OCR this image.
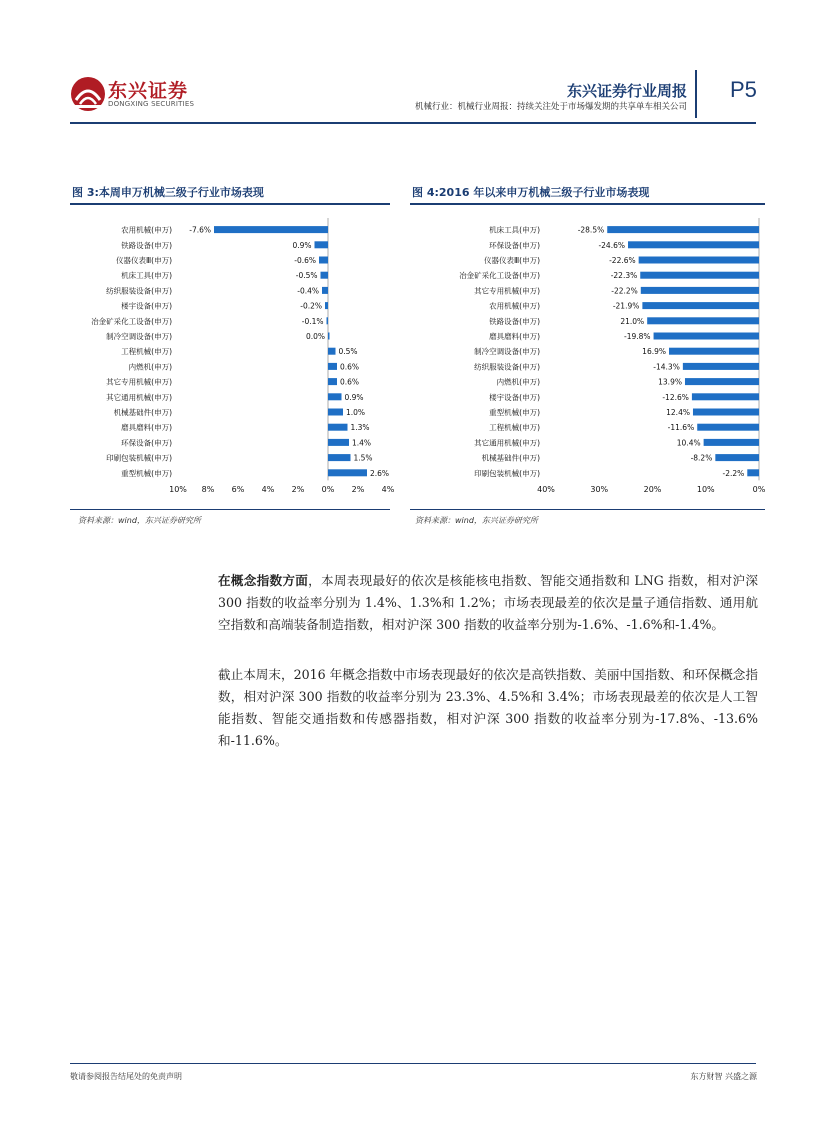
东兴证券
DONGXING SECURITIES
东兴证券行业周报
机械行业：机械行业周报：持续关注处于市场爆发期的共享单车相关公司
P5
图 3:本周申万机械三级子行业市场表现
农用机械(申万) -7.6%
铁路设备(申万)	0.9%
仪器仪表Ⅲ(申万)	-0.6%
机床工具(申万)	-0.5%
纺织服装设备(申万)	-0.4%
楼宇设备(申万)	-0.2%
冶金矿采化工设备(申万)	-0.1%
制冷空调设备(申万)	0.0%
工程机械(申万)	0.5%
内燃机(申万)	0.6%
其它专用机械(申万)	0.6%
其它通用机械(申万)	0.9%
机械基础件(申万)	1.0%
磨具磨料(申万)	1.3%
环保设备(申万)	1.4%
印刷包装机械(申万)	1.5%
重型机械(申万)	2.6%
10% 8% 6% 4% 2% 0% 2% 4%
资料来源：wind，东兴证券研究所
图 4:2016 年以来申万机械三级子行业市场表现
机床工具(申万)	-28.5%
环保设备(申万)	-24.6%
仪器仪表Ⅲ(申万)	-22.6%
冶金矿采化工设备(申万)	-22.3%
其它专用机械(申万)	-22.2%
农用机械(申万)	-21.9%
铁路设备(申万)	21.0%
磨具磨料(申万)	-19.8%
制冷空调设备(申万)	16.9%
纺织服装设备(申万)	-14.3%
内燃机(申万)	13.9%
楼宇设备(申万)	-12.6%
重型机械(申万)	12.4%
工程机械(申万)	-11.6%
其它通用机械(申万)	10.4%
机械基础件(申万)	-8.2%
印刷包装机械(申万)	-2.2%
40%	30%	20%	10%	0%
资料来源：wind，东兴证券研究所
在概念指数方面，本周表现最好的依次是核能核电指数、智能交通指数和 LNG 指数，相对沪深 300 指数的收益率分别为 1.4%、1.3%和 1.2%；市场表现最差的依次是量子通信指数、通用航空指数和高端装备制造指数，相对沪深 300 指数的收益率分别为-1.6%、-1.6%和-1.4%。
截止本周末，2016 年概念指数中市场表现最好的依次是高铁指数、美丽中国指数、和环保概念指数，相对沪深 300 指数的收益率分别为 23.3%、4.5%和 3.4%；市场表现最差的依次是人工智能指数、智能交通指数和传感器指数，相对沪深 300 指数的收益率分别为-17.8%、-13.6%和-11.6%。
敬请参阅报告结尾处的免责声明	东方财智 兴盛之源
